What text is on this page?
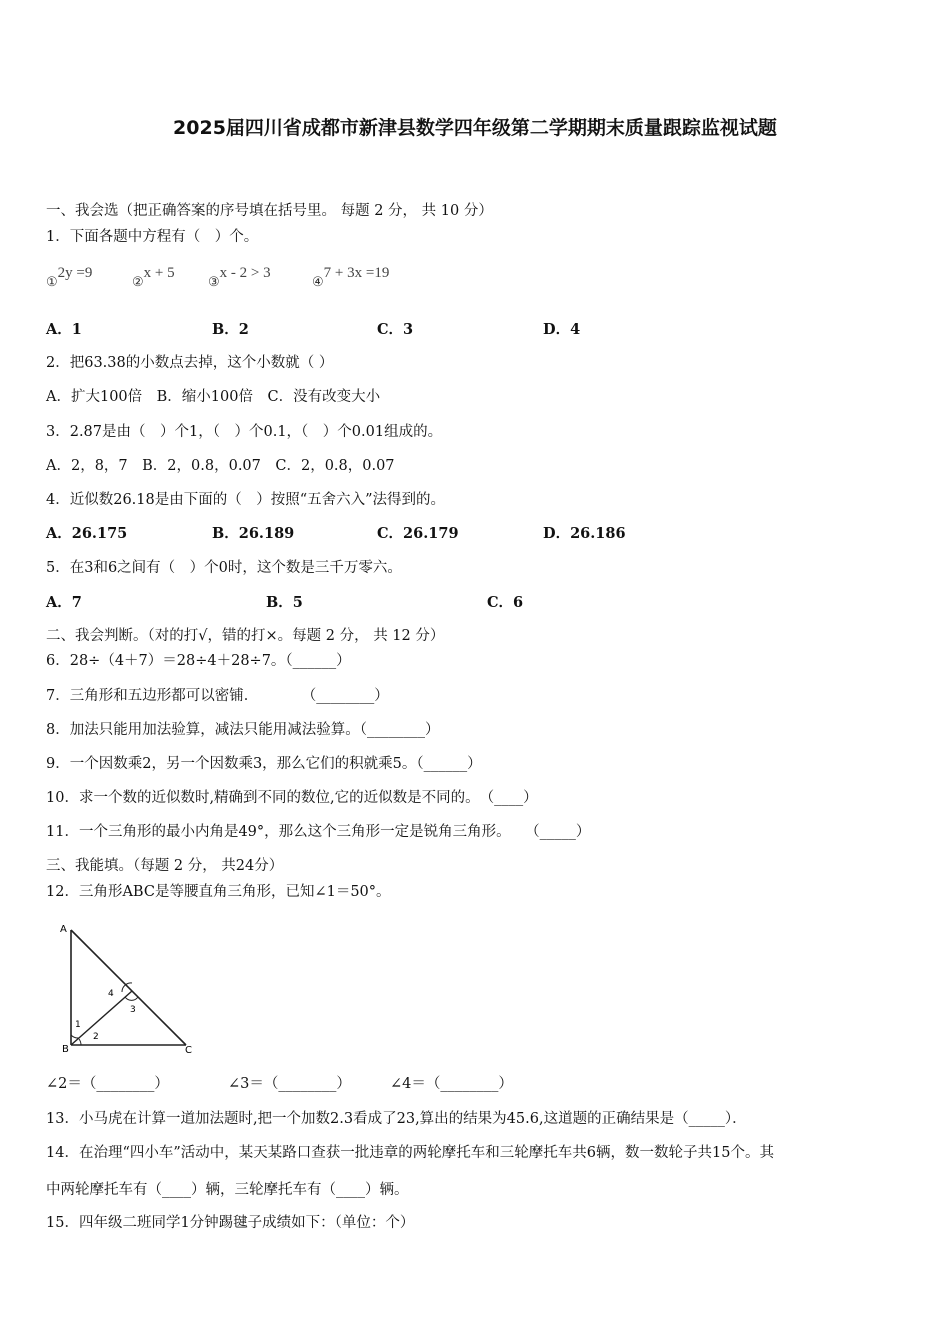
2025届四川省成都市新津县数学四年级第二学期期末质量跟踪监视试题
一、我会选（把正确答案的序号填在括号里。 每题 2 分， 共 10 分）
1．下面各题中方程有（　）个。
①2y =9
②x + 5
③x - 2 > 3
④7 + 3x =19
A．1	B．2	C．3	D．4
2．把63.38的小数点去掉，这个小数就（ ）
A．扩大100倍　B．缩小100倍　C．没有改变大小
3．2.87是由（　）个1，（　）个0.1，（　）个0.01组成的。
A．2，8，7　B．2，0.8，0.07　C．2，0.8，0.07
4．近似数26.18是由下面的（　）按照“五舍六入”法得到的。
A．26.175	B．26.189	C．26.179	D．26.186
5．在3和6之间有（　）个0时，这个数是三千万零六。
A．7	B．5	C．6
二、我会判断。（对的打√，错的打×。每题 2 分， 共 12 分）
6．28÷（4＋7）＝28÷4＋28÷7。（______）
7．三角形和五边形都可以密铺．　　　　（________）
8．加法只能用加法验算，减法只能用减法验算。（________）
9．一个因数乘2，另一个因数乘3，那么它们的积就乘5。（______）
10．求一个数的近似数时,精确到不同的数位,它的近似数是不同的。　（____）
11．一个三角形的最小内角是49°，那么这个三角形一定是锐角三角形。　　（_____）
三、我能填。（每题 2 分， 共24分）
12．三角形ABC是等腰直角三角形，已知∠1＝50°。
A
B	C
1
2
3
4
∠2＝（________）	∠3＝（________）	∠4＝（________）
13．小马虎在计算一道加法题时,把一个加数2.3看成了23,算出的结果为45.6,这道题的正确结果是（_____）．
14．在治理“四小车”活动中，某天某路口查获一批违章的两轮摩托车和三轮摩托车共6辆，数一数轮子共15个。其
中两轮摩托车有（____）辆，三轮摩托车有（____）辆。
15．四年级二班同学1分钟踢毽子成绩如下：（单位：个）
